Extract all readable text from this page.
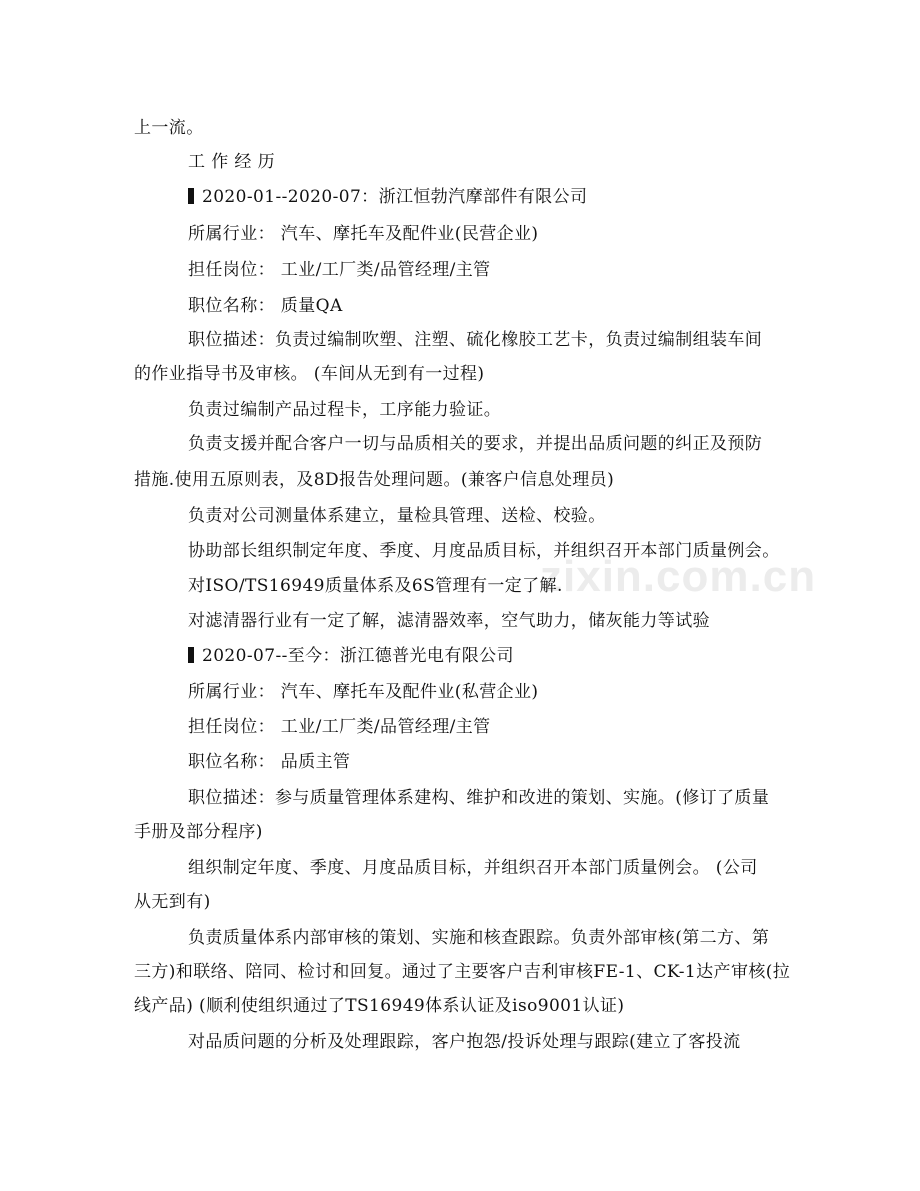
zixin.com.cn
上一流。
工 作 经 历
2020-01--2020-07：浙江恒勃汽摩部件有限公司
所属行业： 汽车、摩托车及配件业(民营企业)
担任岗位： 工业/工厂类/品管经理/主管
职位名称： 质量QA
职位描述：负责过编制吹塑、注塑、硫化橡胶工艺卡，负责过编制组装车间
的作业指导书及审核。 (车间从无到有一过程)
负责过编制产品过程卡，工序能力验证。
负责支援并配合客户一切与品质相关的要求，并提出品质问题的纠正及预防
措施.使用五原则表，及8D报告处理问题。(兼客户信息处理员)
负责对公司测量体系建立，量检具管理、送检、校验。
协助部长组织制定年度、季度、月度品质目标，并组织召开本部门质量例会。
对ISO/TS16949质量体系及6S管理有一定了解.
对滤清器行业有一定了解，滤清器效率，空气助力，储灰能力等试验
2020-07--至今：浙江德普光电有限公司
所属行业： 汽车、摩托车及配件业(私营企业)
担任岗位： 工业/工厂类/品管经理/主管
职位名称： 品质主管
职位描述：参与质量管理体系建构、维护和改进的策划、实施。(修订了质量
手册及部分程序)
组织制定年度、季度、月度品质目标，并组织召开本部门质量例会。 (公司
从无到有)
负责质量体系内部审核的策划、实施和核查跟踪。负责外部审核(第二方、第
三方)和联络、陪同、检讨和回复。通过了主要客户吉利审核FE-1、CK-1达产审核(拉
线产品) (顺利使组织通过了TS16949体系认证及iso9001认证)
对品质问题的分析及处理跟踪，客户抱怨/投诉处理与跟踪(建立了客投流
